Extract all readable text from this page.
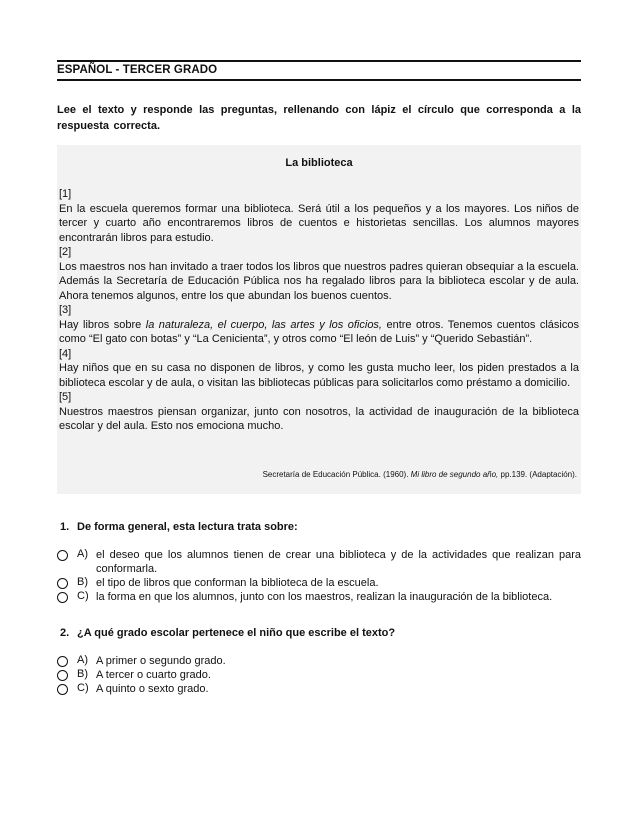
ESPAÑOL - TERCER GRADO
Lee el texto y responde las preguntas, rellenando con lápiz el círculo que corresponda a la respuesta correcta.
La biblioteca

[1]

En la escuela queremos formar una biblioteca. Será útil a los pequeños y a los mayores. Los niños de tercer y cuarto año encontraremos libros de cuentos e historietas sencillas. Los alumnos mayores encontrarán libros para estudio.

[2]

Los maestros nos han invitado a traer todos los libros que nuestros padres quieran obsequiar a la escuela. Además la Secretaría de Educación Pública nos ha regalado libros para la biblioteca escolar y de aula. Ahora tenemos algunos, entre los que abundan los buenos cuentos.

[3]

Hay libros sobre la naturaleza, el cuerpo, las artes y los oficios, entre otros. Tenemos cuentos clásicos como “El gato con botas” y “La Cenicienta”, y otros como “El león de Luis” y “Querido Sebastián”.

[4]

Hay niños que en su casa no disponen de libros, y como les gusta mucho leer, los piden prestados a la biblioteca escolar y de aula, o visitan las bibliotecas públicas para solicitarlos como préstamo a domicilio.

[5]

Nuestros maestros piensan organizar, junto con nosotros, la actividad de inauguración de la biblioteca escolar y del aula. Esto nos emociona mucho.

Secretaría de Educación Pública. (1960). Mi libro de segundo año, pp.139. (Adaptación).
1. De forma general, esta lectura trata sobre:
A) el deseo que los alumnos tienen de crear una biblioteca y de la actividades que realizan para conformarla.
B) el tipo de libros que conforman la biblioteca de la escuela.
C) la forma en que los alumnos, junto con los maestros, realizan la inauguración de la biblioteca.
2. ¿A qué grado escolar pertenece el niño que escribe el texto?
A) A primer o segundo grado.
B) A tercer o cuarto grado.
C) A quinto o sexto grado.
